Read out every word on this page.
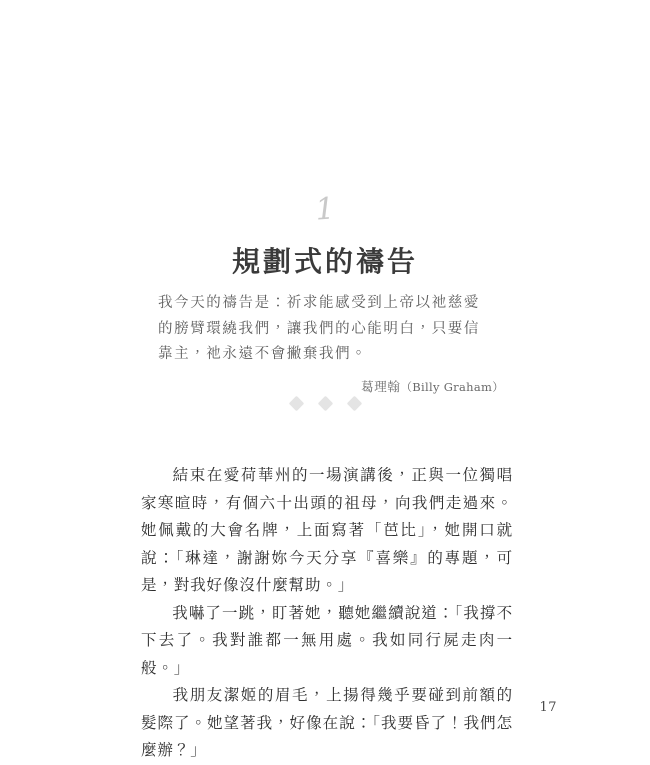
1
規劃式的禱告
我今天的禱告是：祈求能感受到上帝以祂慈愛
的膀臂環繞我們，讓我們的心能明白，只要信
靠主，祂永遠不會撇棄我們。
葛理翰（Billy Graham）

結束在愛荷華州的一場演講後，正與一位獨唱家寒暄時，有個六十出頭的祖母，向我們走過來。她佩戴的大會名牌，上面寫著「芭比」，她開口就說：「琳達，謝謝妳今天分享『喜樂』的專題，可是，對我好像沒什麼幫助。」

我嚇了一跳，盯著她，聽她繼續說道：「我撐不下去了。我對誰都一無用處。我如同行屍走肉一般。」

我朋友潔姬的眉毛，上揚得幾乎要碰到前額的髮際了。她望著我，好像在說：「我要昏了！我們怎麼辦？」

17
